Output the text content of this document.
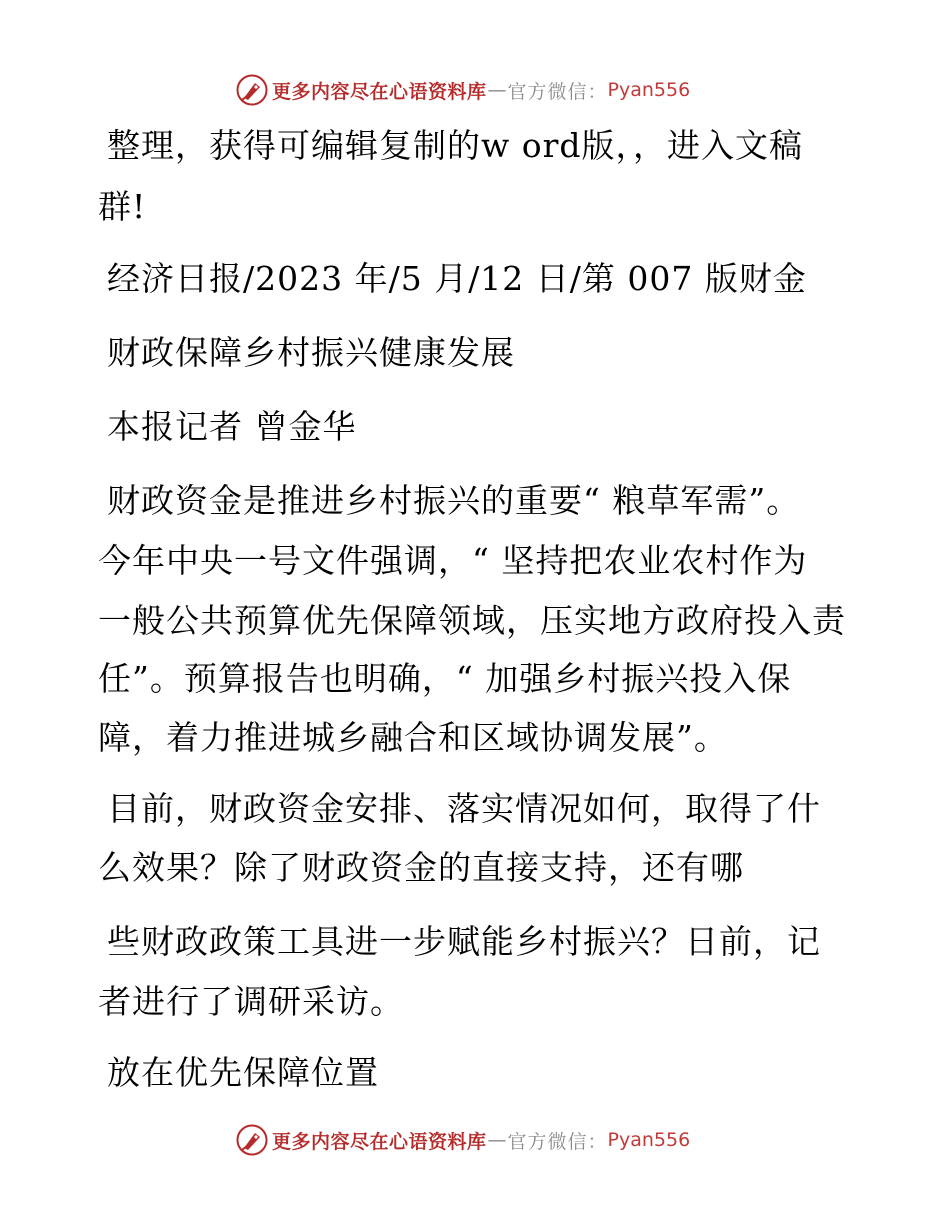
更多内容尽在心语资料库 — 官方微信： Pyan556
整理，获得可编辑复制的w ord版，，进入文稿
群!
经济日报/2023 年/5 月/12 日/第 007 版财金
财政保障乡村振兴健康发展
本报记者 曾金华
财政资金是推进乡村振兴的重要“ 粮草军需”。
今年中央一号文件强调，“ 坚持把农业农村作为
一般公共预算优先保障领域，压实地方政府投入责
任”。预算报告也明确，“ 加强乡村振兴投入保
障，着力推进城乡融合和区域协调发展”。
目前，财政资金安排、落实情况如何，取得了什
么效果？除了财政资金的直接支持，还有哪
些财政政策工具进一步赋能乡村振兴？日前，记
者进行了调研采访。
放在优先保障位置
更多内容尽在心语资料库 — 官方微信： Pyan556
